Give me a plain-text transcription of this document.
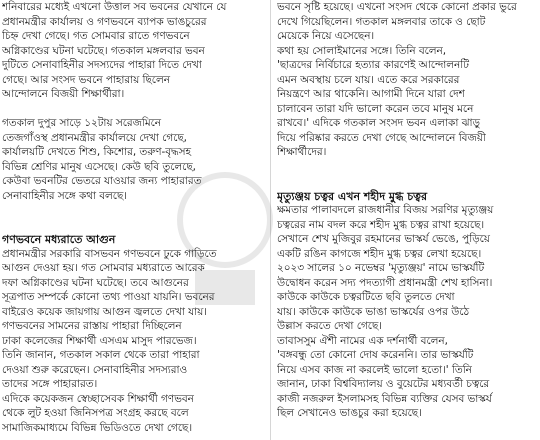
শনিবারের মধ্যেই এখনো উত্তাল সব ভবনের যেখানে যে
প্রধানমন্ত্রীর কার্যালয় ও গণভবনে ব্যাপক ভাঙচুরের
চিহ্ন দেখা গেছে। গত সোমবার রাতে গণভবনে
অগ্নিকাণ্ডের ঘটনা ঘটেছে। গতকাল মঙ্গলবার ভবন
দুটিতে সেনাবাহিনীর সদস্যদের পাহারা দিতে দেখা
গেছে। আর সংসদ ভবনে পাহারায় ছিলেন
আন্দোলনে বিজয়ী শিক্ষার্থীরা।
গতকাল দুপুর সাড়ে ১২টায় সরেজমিনে
তেজগাঁওস্থ প্রধানমন্ত্রীর কার্যালয়ে দেখা গেছে,
কার্যালয়টি দেখতে শিশু, কিশোর, তরুণ-বৃদ্ধসহ
বিভিন্ন শ্রেণির মানুষ এসেছে। কেউ ছবি তুলেছে,
কেউবা ভবনটির ভেতরে যাওয়ার জন্য পাহারারত
সেনাবাহিনীর সঙ্গে কথা বলছে।
গণভবনে মধ্যরাতে আগুন
প্রধানমন্ত্রীর সরকারি বাসভবন গণভবনে ঢুকে গাড়িতে
আগুন দেওয়া হয়। গত সোমবার মধ্যরাতে আরেক
দফা অগ্নিকাণ্ডের ঘটনা ঘটেছে। তবে আগুনের
সূত্রপাত সম্পর্কে কোনো তথ্য পাওয়া যায়নি। ভবনের
বাইরেও কয়েক জায়গায় আগুন জ্বলতে দেখা যায়।
গণভবনের সামনের রাস্তায় পাহারা দিচ্ছিলেন
ঢাকা কলেজের শিক্ষার্থী এসএম মাসুদ পারভেজ।
তিনি জানান, গতকাল সকাল থেকে তারা পাহারা
দেওয়া শুরু করেছেন। সেনাবাহিনীর সদস্যরাও
তাদের সঙ্গে পাহারারত।
এদিকে কয়েকজন স্বেচ্ছাসেবক শিক্ষার্থী গণভবন
থেকে লুট হওয়া জিনিসপত্র সংগ্রহ করছে বলে
সামাজিকমাধ্যমে বিভিন্ন ভিডিওতে দেখা গেছে।
ভবনে সৃষ্টি হয়েছে। এখনো সংসদ থেকে কোনো প্রকার ভুরে
দেখে গিয়েছিলেন। গতকাল মঙ্গলবার তাকে ও ছোট
মেয়েকে নিয়ে এসেছেন।
কথা হয় সোলাইমানের সঙ্গে। তিনি বলেন,
'ছাত্রদের নির্বিচারে হত্যার কারণেই আন্দোলনটি
এমন অবস্থায় চলে যায়। এতে করে সরকারের
নিয়ন্ত্রণে আর থাকেনি। আগামী দিনে যারা দেশ
চালাবেন তারা যদি ভালো করেন তবে মানুষ মনে
রাখবে।' এদিকে গতকাল সংসদ ভবন এলাকা ঝাড়ু
দিয়ে পরিষ্কার করতে দেখা গেছে আন্দোলনে বিজয়ী
শিক্ষার্থীদের।
মৃত্যুঞ্জয় চত্বর এখন শহীদ মুগ্ধ চত্বর
ক্ষমতার পালাবদলে রাজধানীর বিজয় সরণির মৃত্যুঞ্জয়
চত্বরের নাম বদল করে শহীদ মুগ্ধ চত্বর রাখা হয়েছে।
সেখানে শেখ মুজিবুর রহমানের ভাস্কর্য ভেঙে, পুড়িয়ে
একটি রঙিন কাগজে শহীদ মুগ্ধ চত্বর লেখা হয়েছে।
২০২৩ সালের ১০ নভেম্বর 'মৃত্যুঞ্জয়' নামে ভাস্কর্যটি
উদ্বোধন করেন সদ্য পদত্যাগী প্রধানমন্ত্রী শেখ হাসিনা।
কাউকে কাউকে চত্বরটিতে ছবি তুলতে দেখা
যায়। কাউকে কাউকে ভাঙা ভাস্কর্যের ওপর উঠে
উল্লাস করতে দেখা গেছে।
তাবাসসুম ঐশী নামের এক দর্শনার্থী বলেন,
'বঙ্গবন্ধু তো কোনো দোষ করেননি। তার ভাস্কর্যটি
নিয়ে এসব কাজ না করলেই ভালো হতো।' তিনি
জানান, ঢাকা বিশ্ববিদ্যালয় ও বুয়েটের মধ্যবর্তী চত্বরে
কাজী নজরুল ইসলামসহ বিভিন্ন ব্যক্তির যেসব ভাস্কর্য
ছিল সেখানেও ভাঙচুর করা হয়েছে।
